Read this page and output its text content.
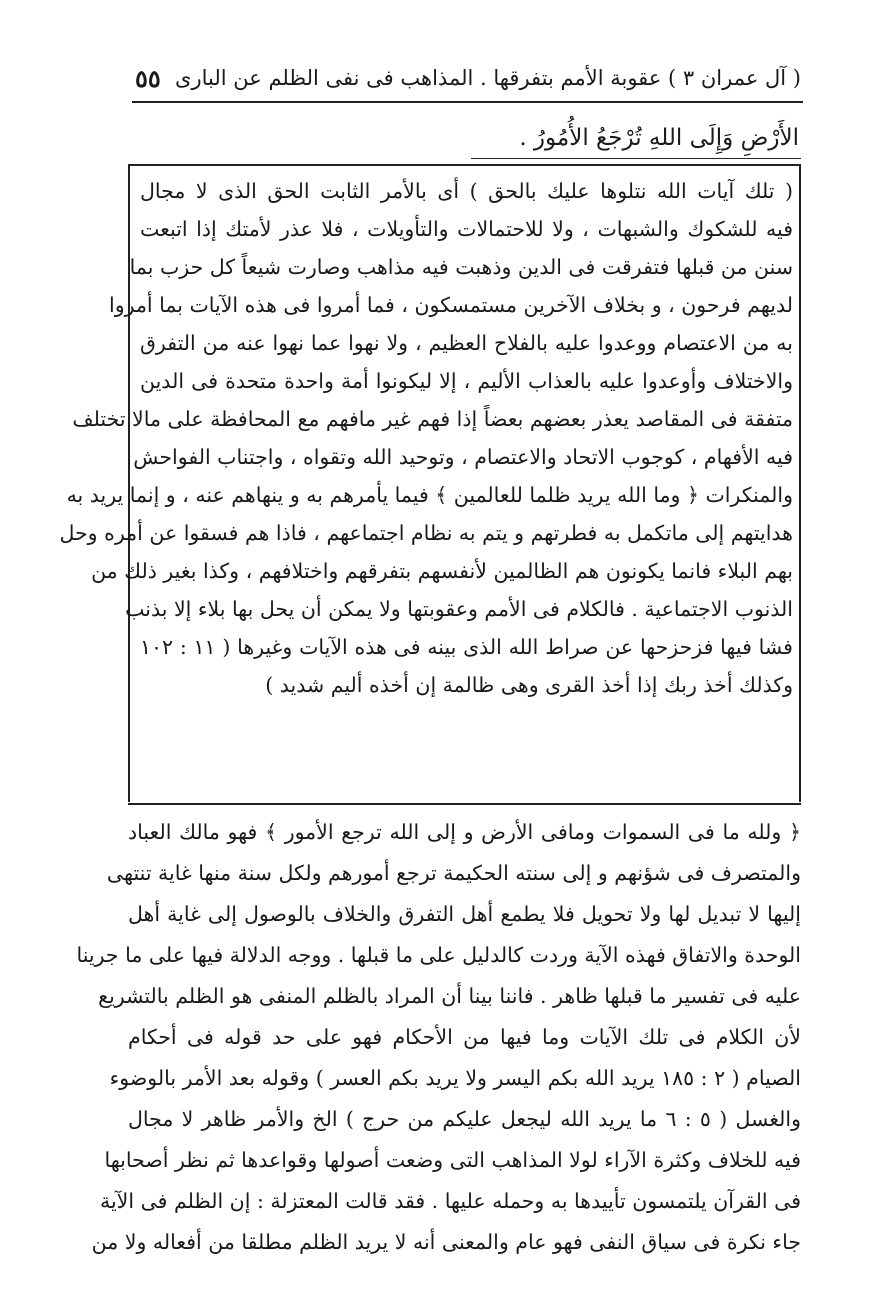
( آل عمران ٣ ) عقوبة الأمم بتفرقها . المذاهب فى نفى الظلم عن البارى
٥٥
الأَرْضِ وَإِلَى اللهِ تُرْجَعُ الأُمُورُ .
( تلك آيات الله نتلوها عليك بالحق ) أى بالأمر الثابت الحق الذى لا مجال
فيه للشكوك والشبهات ، ولا للاحتمالات والتأويلات ، فلا عذر لأمتك إذا اتبعت
سنن من قبلها فتفرقت فى الدين وذهبت فيه مذاهب وصارت شيعاً كل حزب بما
لديهم فرحون ، و بخلاف الآخرين مستمسكون ، فما أمروا فى هذه الآيات بما أمروا
به من الاعتصام ووعدوا عليه بالفلاح العظيم ، ولا نهوا عما نهوا عنه من التفرق
والاختلاف وأوعدوا عليه بالعذاب الأليم ، إلا ليكونوا أمة واحدة متحدة فى الدين
متفقة فى المقاصد يعذر بعضهم بعضاً إذا فهم غير مافهم مع المحافظة على مالا تختلف
فيه الأفهام ، كوجوب الاتحاد والاعتصام ، وتوحيد الله وتقواه ، واجتناب الفواحش
والمنكرات ﴿ وما الله يريد ظلما للعالمين ﴾ فيما يأمرهم به و ينهاهم عنه ، و إنما يريد به
هدايتهم إلى ماتكمل به فطرتهم و يتم به نظام اجتماعهم ، فاذا هم فسقوا عن أمره وحل
بهم البلاء فانما يكونون هم الظالمين لأنفسهم بتفرقهم واختلافهم ، وكذا بغير ذلك من
الذنوب الاجتماعية . فالكلام فى الأمم وعقوبتها ولا يمكن أن يحل بها بلاء إلا بذنب
فشا فيها فزحزحها عن صراط الله الذى بينه فى هذه الآيات وغيرها ( ١١ : ١٠٢
وكذلك أخذ ربك إذا أخذ القرى وهى ظالمة إن أخذه أليم شديد )
﴿ ولله ما فى السموات ومافى الأرض و إلى الله ترجع الأمور ﴾ فهو مالك العباد
والمتصرف فى شؤنهم و إلى سنته الحكيمة ترجع أمورهم ولكل سنة منها غاية تنتهى
إليها لا تبديل لها ولا تحويل فلا يطمع أهل التفرق والخلاف بالوصول إلى غاية أهل
الوحدة والاتفاق فهذه الآية وردت كالدليل على ما قبلها . ووجه الدلالة فيها على ما جرينا
عليه فى تفسير ما قبلها ظاهر . فاننا بينا أن المراد بالظلم المنفى هو الظلم بالتشريع
لأن الكلام فى تلك الآيات وما فيها من الأحكام فهو على حد قوله فى أحكام
الصيام ( ٢ : ١٨٥ يريد الله بكم اليسر ولا يريد بكم العسر ) وقوله بعد الأمر بالوضوء
والغسل ( ٥ : ٦ ما يريد الله ليجعل عليكم من حرج ) الخ والأمر ظاهر لا مجال
فيه للخلاف وكثرة الآراء لولا المذاهب التى وضعت أصولها وقواعدها ثم نظر أصحابها
فى القرآن يلتمسون تأييدها به وحمله عليها . فقد قالت المعتزلة : إن الظلم فى الآية
جاء نكرة فى سياق النفى فهو عام والمعنى أنه لا يريد الظلم مطلقا من أفعاله ولا من
